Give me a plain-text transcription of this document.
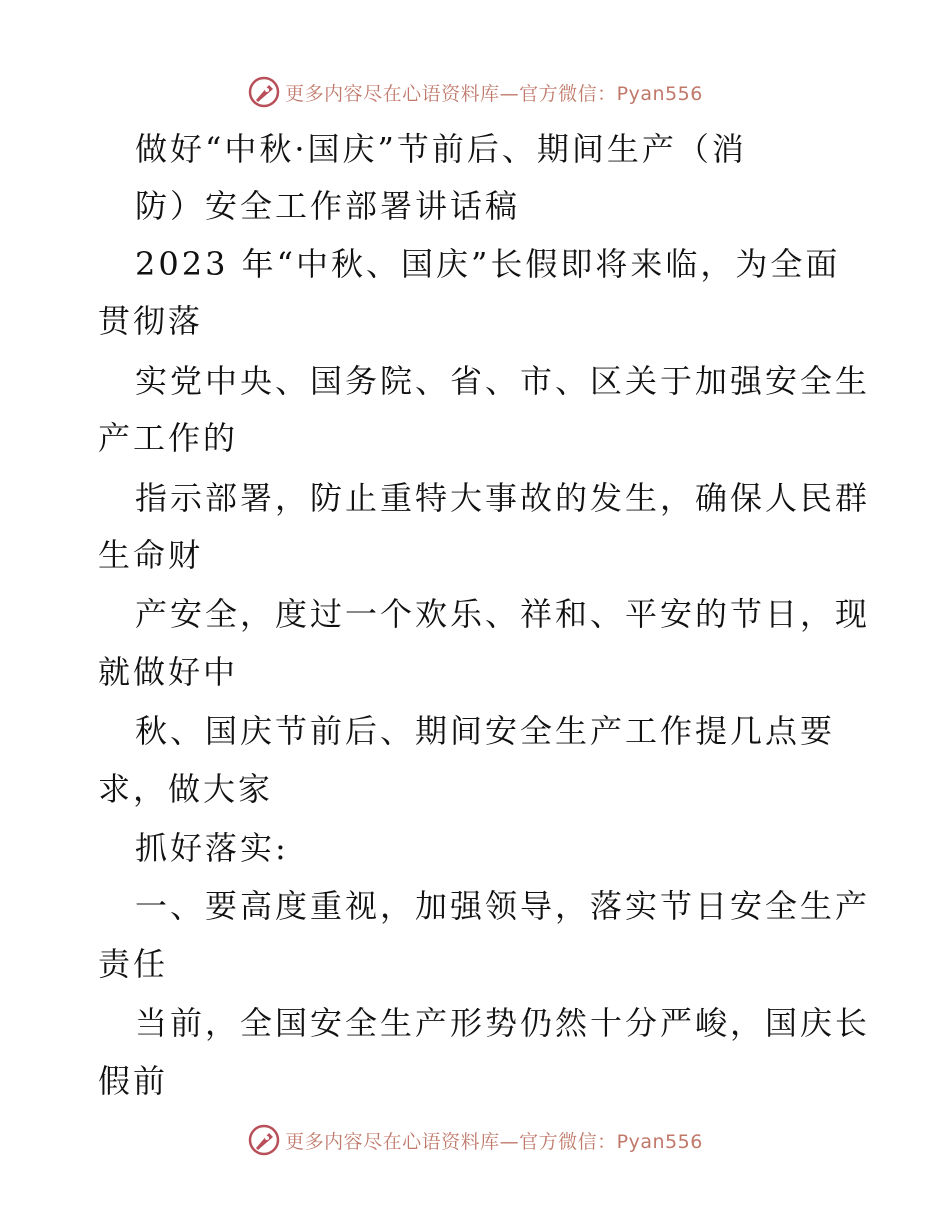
更多内容尽在心语资料库—官方微信：Pyan556
做好“中秋·国庆”节前后、期间生产（消
防）安全工作部署讲话稿
2023 年“中秋、国庆”长假即将来临，为全面
贯彻落
实党中央、国务院、省、市、区关于加强安全生
产工作的
指示部署，防止重特大事故的发生，确保人民群
生命财
产安全，度过一个欢乐、祥和、平安的节日，现
就做好中
秋、国庆节前后、期间安全生产工作提几点要
求，做大家
抓好落实:
一、要高度重视，加强领导，落实节日安全生产
责任
当前，全国安全生产形势仍然十分严峻，国庆长
假前
更多内容尽在心语资料库—官方微信：Pyan556
